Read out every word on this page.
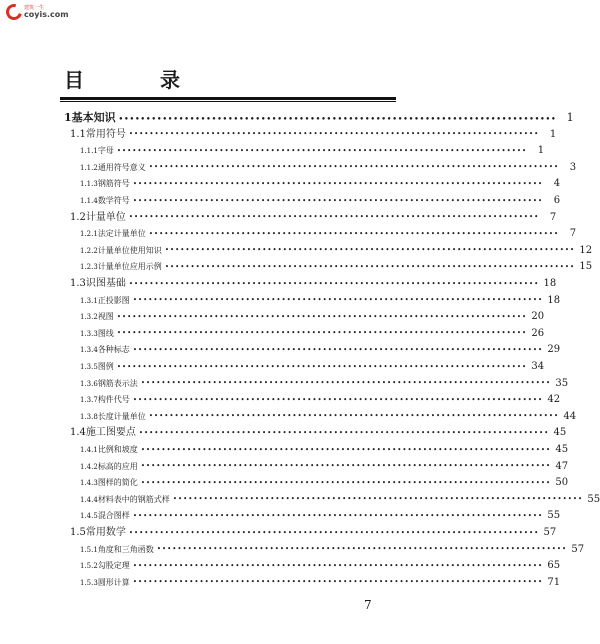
建筑一生
coyis.com
目　录
1 基本知识 •••••••••••••••••••••••••••••••••••••••••••••••••••••••••••••••••••••••••••••••• 1
1.1 常用符号 ••••••••••••••••••••••••••••••••••••••••••••••••••••••••••••••••••••••••••••••••	1
1.1.1 字母 ••••••••••••••••••••••••••••••••••••••••••••••••••••••••••••••••••••••••••••••••	1
1.1.2 通用符号意义 ••••••••••••••••••••••••••••••••••••••••••••••••••••••••••••••••••••••••••••••••	3
1.1.3 钢筋符号 ••••••••••••••••••••••••••••••••••••••••••••••••••••••••••••••••••••••••••••••••	4
1.1.4 数学符号 ••••••••••••••••••••••••••••••••••••••••••••••••••••••••••••••••••••••••••••••••	6
1.2 计量单位 ••••••••••••••••••••••••••••••••••••••••••••••••••••••••••••••••••••••••••••••••	7
1.2.1 法定计量单位 ••••••••••••••••••••••••••••••••••••••••••••••••••••••••••••••••••••••••••••••••	7
1.2.2 计量单位使用知识 •••••••••••••••••••••••••••••••••••••••••••••••••••••••••••••••••••••••••••••••• 12
1.2.3 计量单位应用示例 •••••••••••••••••••••••••••••••••••••••••••••••••••••••••••••••••••••••••••••••• 15
1.3 识图基础 •••••••••••••••••••••••••••••••••••••••••••••••••••••••••••••••••••••••••••••••• 18
1.3.1 正投影图 •••••••••••••••••••••••••••••••••••••••••••••••••••••••••••••••••••••••••••••••• 18
1.3.2 视图 •••••••••••••••••••••••••••••••••••••••••••••••••••••••••••••••••••••••••••••••• 20
1.3.3 图线 •••••••••••••••••••••••••••••••••••••••••••••••••••••••••••••••••••••••••••••••• 26
1.3.4 各种标志 •••••••••••••••••••••••••••••••••••••••••••••••••••••••••••••••••••••••••••••••• 29
1.3.5 图例 •••••••••••••••••••••••••••••••••••••••••••••••••••••••••••••••••••••••••••••••• 34
1.3.6 钢筋表示法 •••••••••••••••••••••••••••••••••••••••••••••••••••••••••••••••••••••••••••••••• 35
1.3.7 构件代号 •••••••••••••••••••••••••••••••••••••••••••••••••••••••••••••••••••••••••••••••• 42
1.3.8 长度计量单位 •••••••••••••••••••••••••••••••••••••••••••••••••••••••••••••••••••••••••••••••• 44
1.4 施工图要点 •••••••••••••••••••••••••••••••••••••••••••••••••••••••••••••••••••••••••••••••• 45
1.4.1 比例和坡度 •••••••••••••••••••••••••••••••••••••••••••••••••••••••••••••••••••••••••••••••• 45
1.4.2 标高的应用 •••••••••••••••••••••••••••••••••••••••••••••••••••••••••••••••••••••••••••••••• 47
1.4.3 图样的简化 •••••••••••••••••••••••••••••••••••••••••••••••••••••••••••••••••••••••••••••••• 50
1.4.4 材料表中的钢筋式样 •••••••••••••••••••••••••••••••••••••••••••••••••••••••••••••••••••••••••••••••• 55
1.4.5 混合图样 •••••••••••••••••••••••••••••••••••••••••••••••••••••••••••••••••••••••••••••••• 55
1.5 常用数学 •••••••••••••••••••••••••••••••••••••••••••••••••••••••••••••••••••••••••••••••• 57
1.5.1 角度和三角函数 •••••••••••••••••••••••••••••••••••••••••••••••••••••••••••••••••••••••••••••••• 57
1.5.2 勾股定理 •••••••••••••••••••••••••••••••••••••••••••••••••••••••••••••••••••••••••••••••• 65
1.5.3 圆形计算 •••••••••••••••••••••••••••••••••••••••••••••••••••••••••••••••••••••••••••••••• 71
7
